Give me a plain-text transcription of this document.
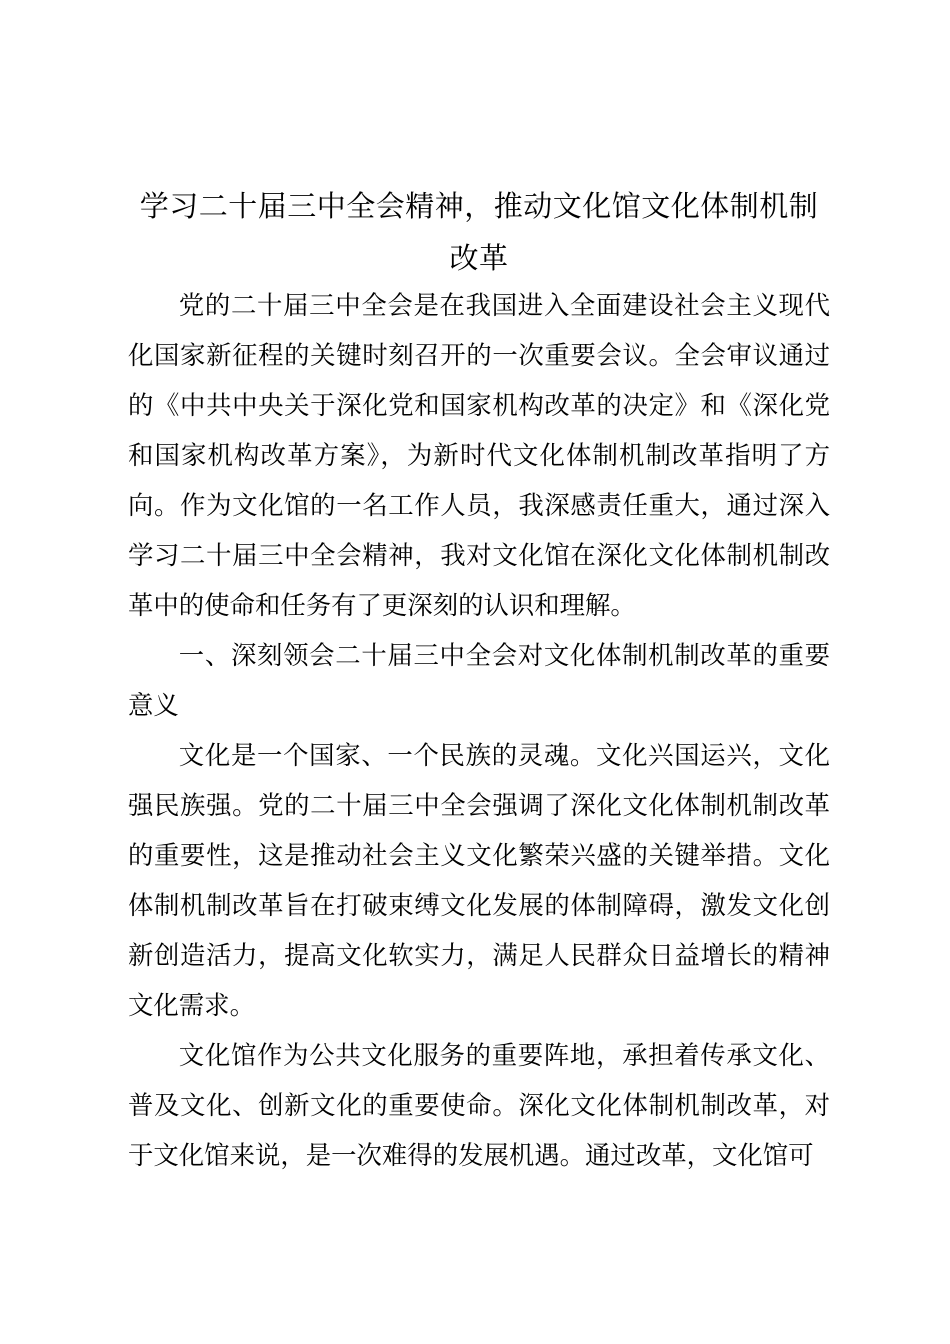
学习二十届三中全会精神，推动文化馆文化体制机制改革

党的二十届三中全会是在我国进入全面建设社会主义现代化国家新征程的关键时刻召开的一次重要会议。全会审议通过的《中共中央关于深化党和国家机构改革的决定》和《深化党和国家机构改革方案》，为新时代文化体制机制改革指明了方向。作为文化馆的一名工作人员，我深感责任重大，通过深入学习二十届三中全会精神，我对文化馆在深化文化体制机制改革中的使命和任务有了更深刻的认识和理解。

一、深刻领会二十届三中全会对文化体制机制改革的重要意义

文化是一个国家、一个民族的灵魂。文化兴国运兴，文化强民族强。党的二十届三中全会强调了深化文化体制机制改革的重要性，这是推动社会主义文化繁荣兴盛的关键举措。文化体制机制改革旨在打破束缚文化发展的体制障碍，激发文化创新创造活力，提高文化软实力，满足人民群众日益增长的精神文化需求。

文化馆作为公共文化服务的重要阵地，承担着传承文化、普及文化、创新文化的重要使命。深化文化体制机制改革，对于文化馆来说，是一次难得的发展机遇。通过改革，文化馆可
